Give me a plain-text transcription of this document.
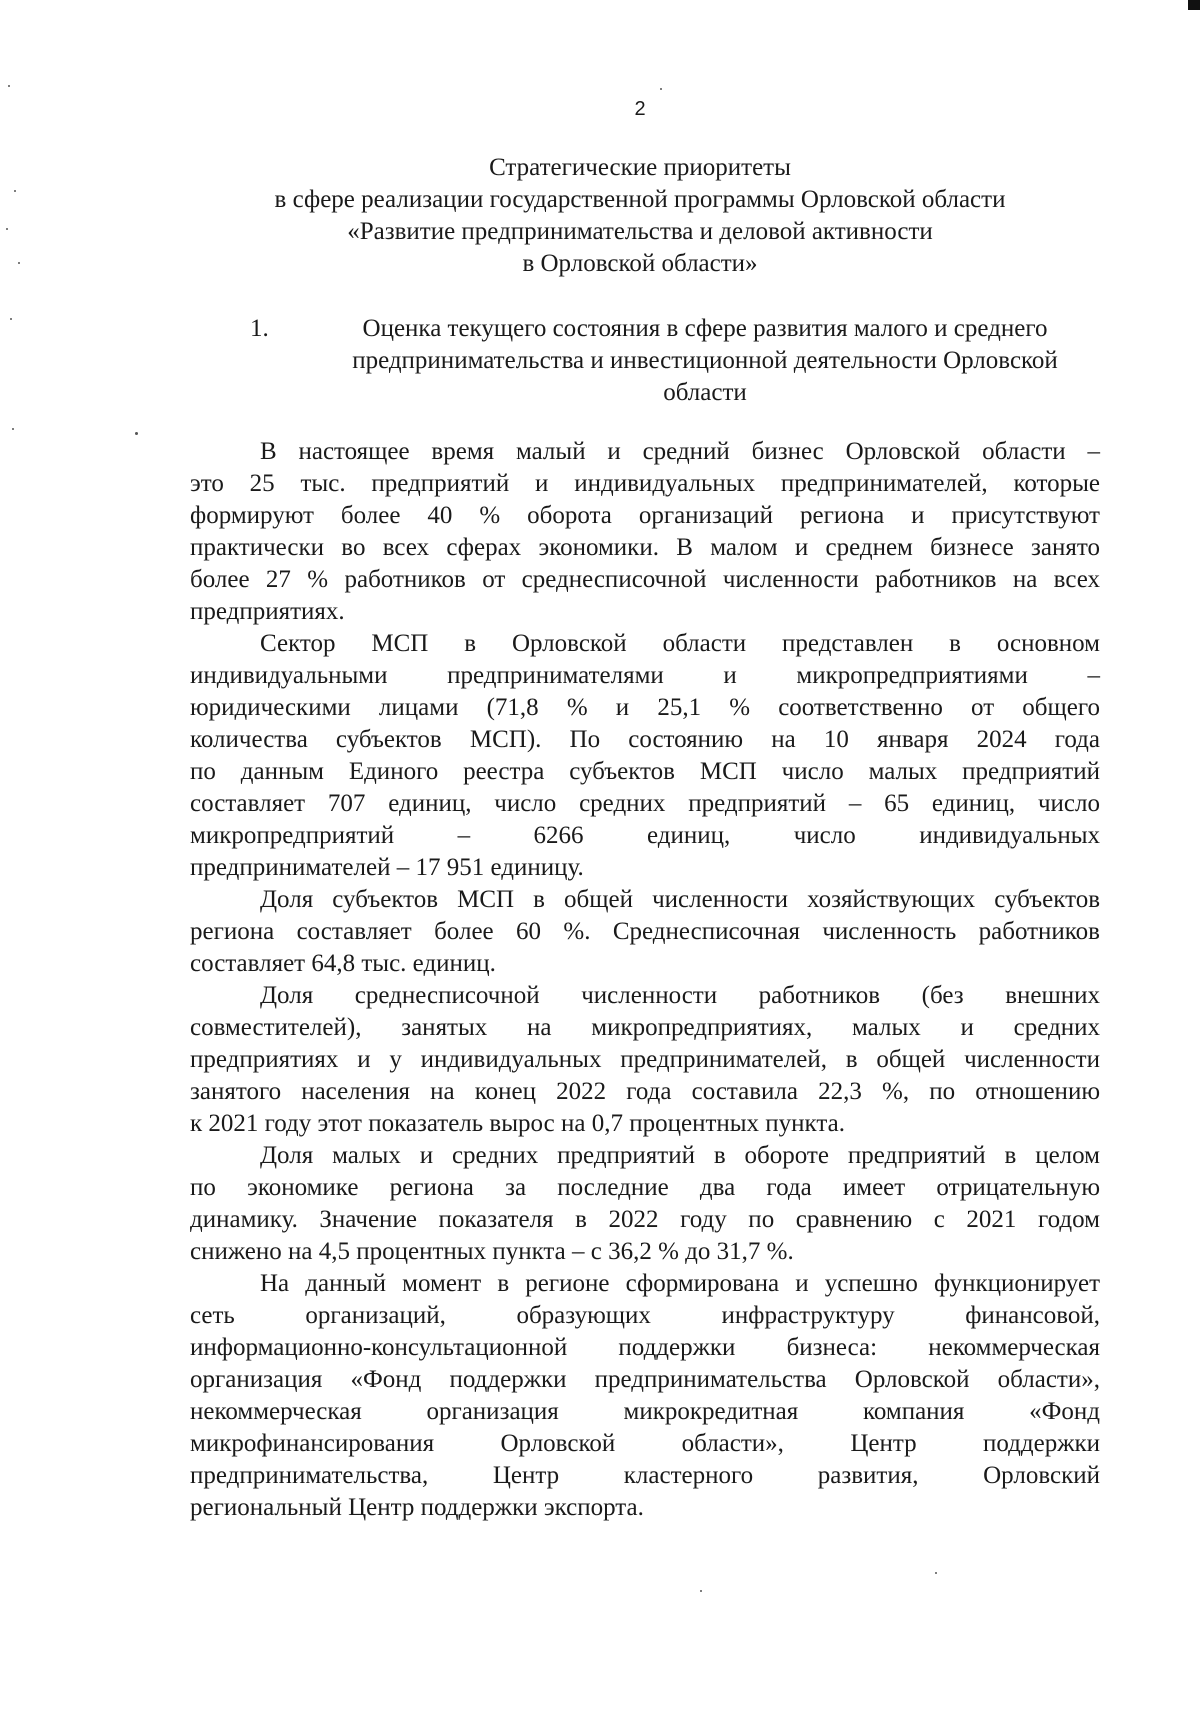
2
Стратегические приоритеты
в сфере реализации государственной программы Орловской области
«Развитие предпринимательства и деловой активности
в Орловской области»
1.	Оценка текущего состояния в сфере развития малого и среднего
предпринимательства и инвестиционной деятельности Орловской
области
В настоящее время малый и средний бизнес Орловской области –
это 25 тыс. предприятий и индивидуальных предпринимателей, которые
формируют более 40 % оборота организаций региона и присутствуют
практически во всех сферах экономики. В малом и среднем бизнесе занято
более 27 % работников от среднесписочной численности работников на всех
предприятиях.
Сектор МСП в Орловской области представлен в основном
индивидуальными предпринимателями и микропредприятиями –
юридическими лицами (71,8 % и 25,1 % соответственно от общего
количества субъектов МСП). По состоянию на 10 января 2024 года
по данным Единого реестра субъектов МСП число малых предприятий
составляет 707 единиц, число средних предприятий – 65 единиц, число
микропредприятий – 6266 единиц, число индивидуальных
предпринимателей – 17 951 единицу.
Доля субъектов МСП в общей численности хозяйствующих субъектов
региона составляет более 60 %. Среднесписочная численность работников
составляет 64,8 тыс. единиц.
Доля среднесписочной численности работников (без внешних
совместителей), занятых на микропредприятиях, малых и средних
предприятиях и у индивидуальных предпринимателей, в общей численности
занятого населения на конец 2022 года составила 22,3 %, по отношению
к 2021 году этот показатель вырос на 0,7 процентных пункта.
Доля малых и средних предприятий в обороте предприятий в целом
по экономике региона за последние два года имеет отрицательную
динамику. Значение показателя в 2022 году по сравнению с 2021 годом
снижено на 4,5 процентных пункта – с 36,2 % до 31,7 %.
На данный момент в регионе сформирована и успешно функционирует
сеть организаций, образующих инфраструктуру финансовой,
информационно-консультационной поддержки бизнеса: некоммерческая
организация «Фонд поддержки предпринимательства Орловской области»,
некоммерческая организация микрокредитная компания «Фонд
микрофинансирования Орловской области», Центр поддержки
предпринимательства, Центр кластерного развития, Орловский
региональный Центр поддержки экспорта.
